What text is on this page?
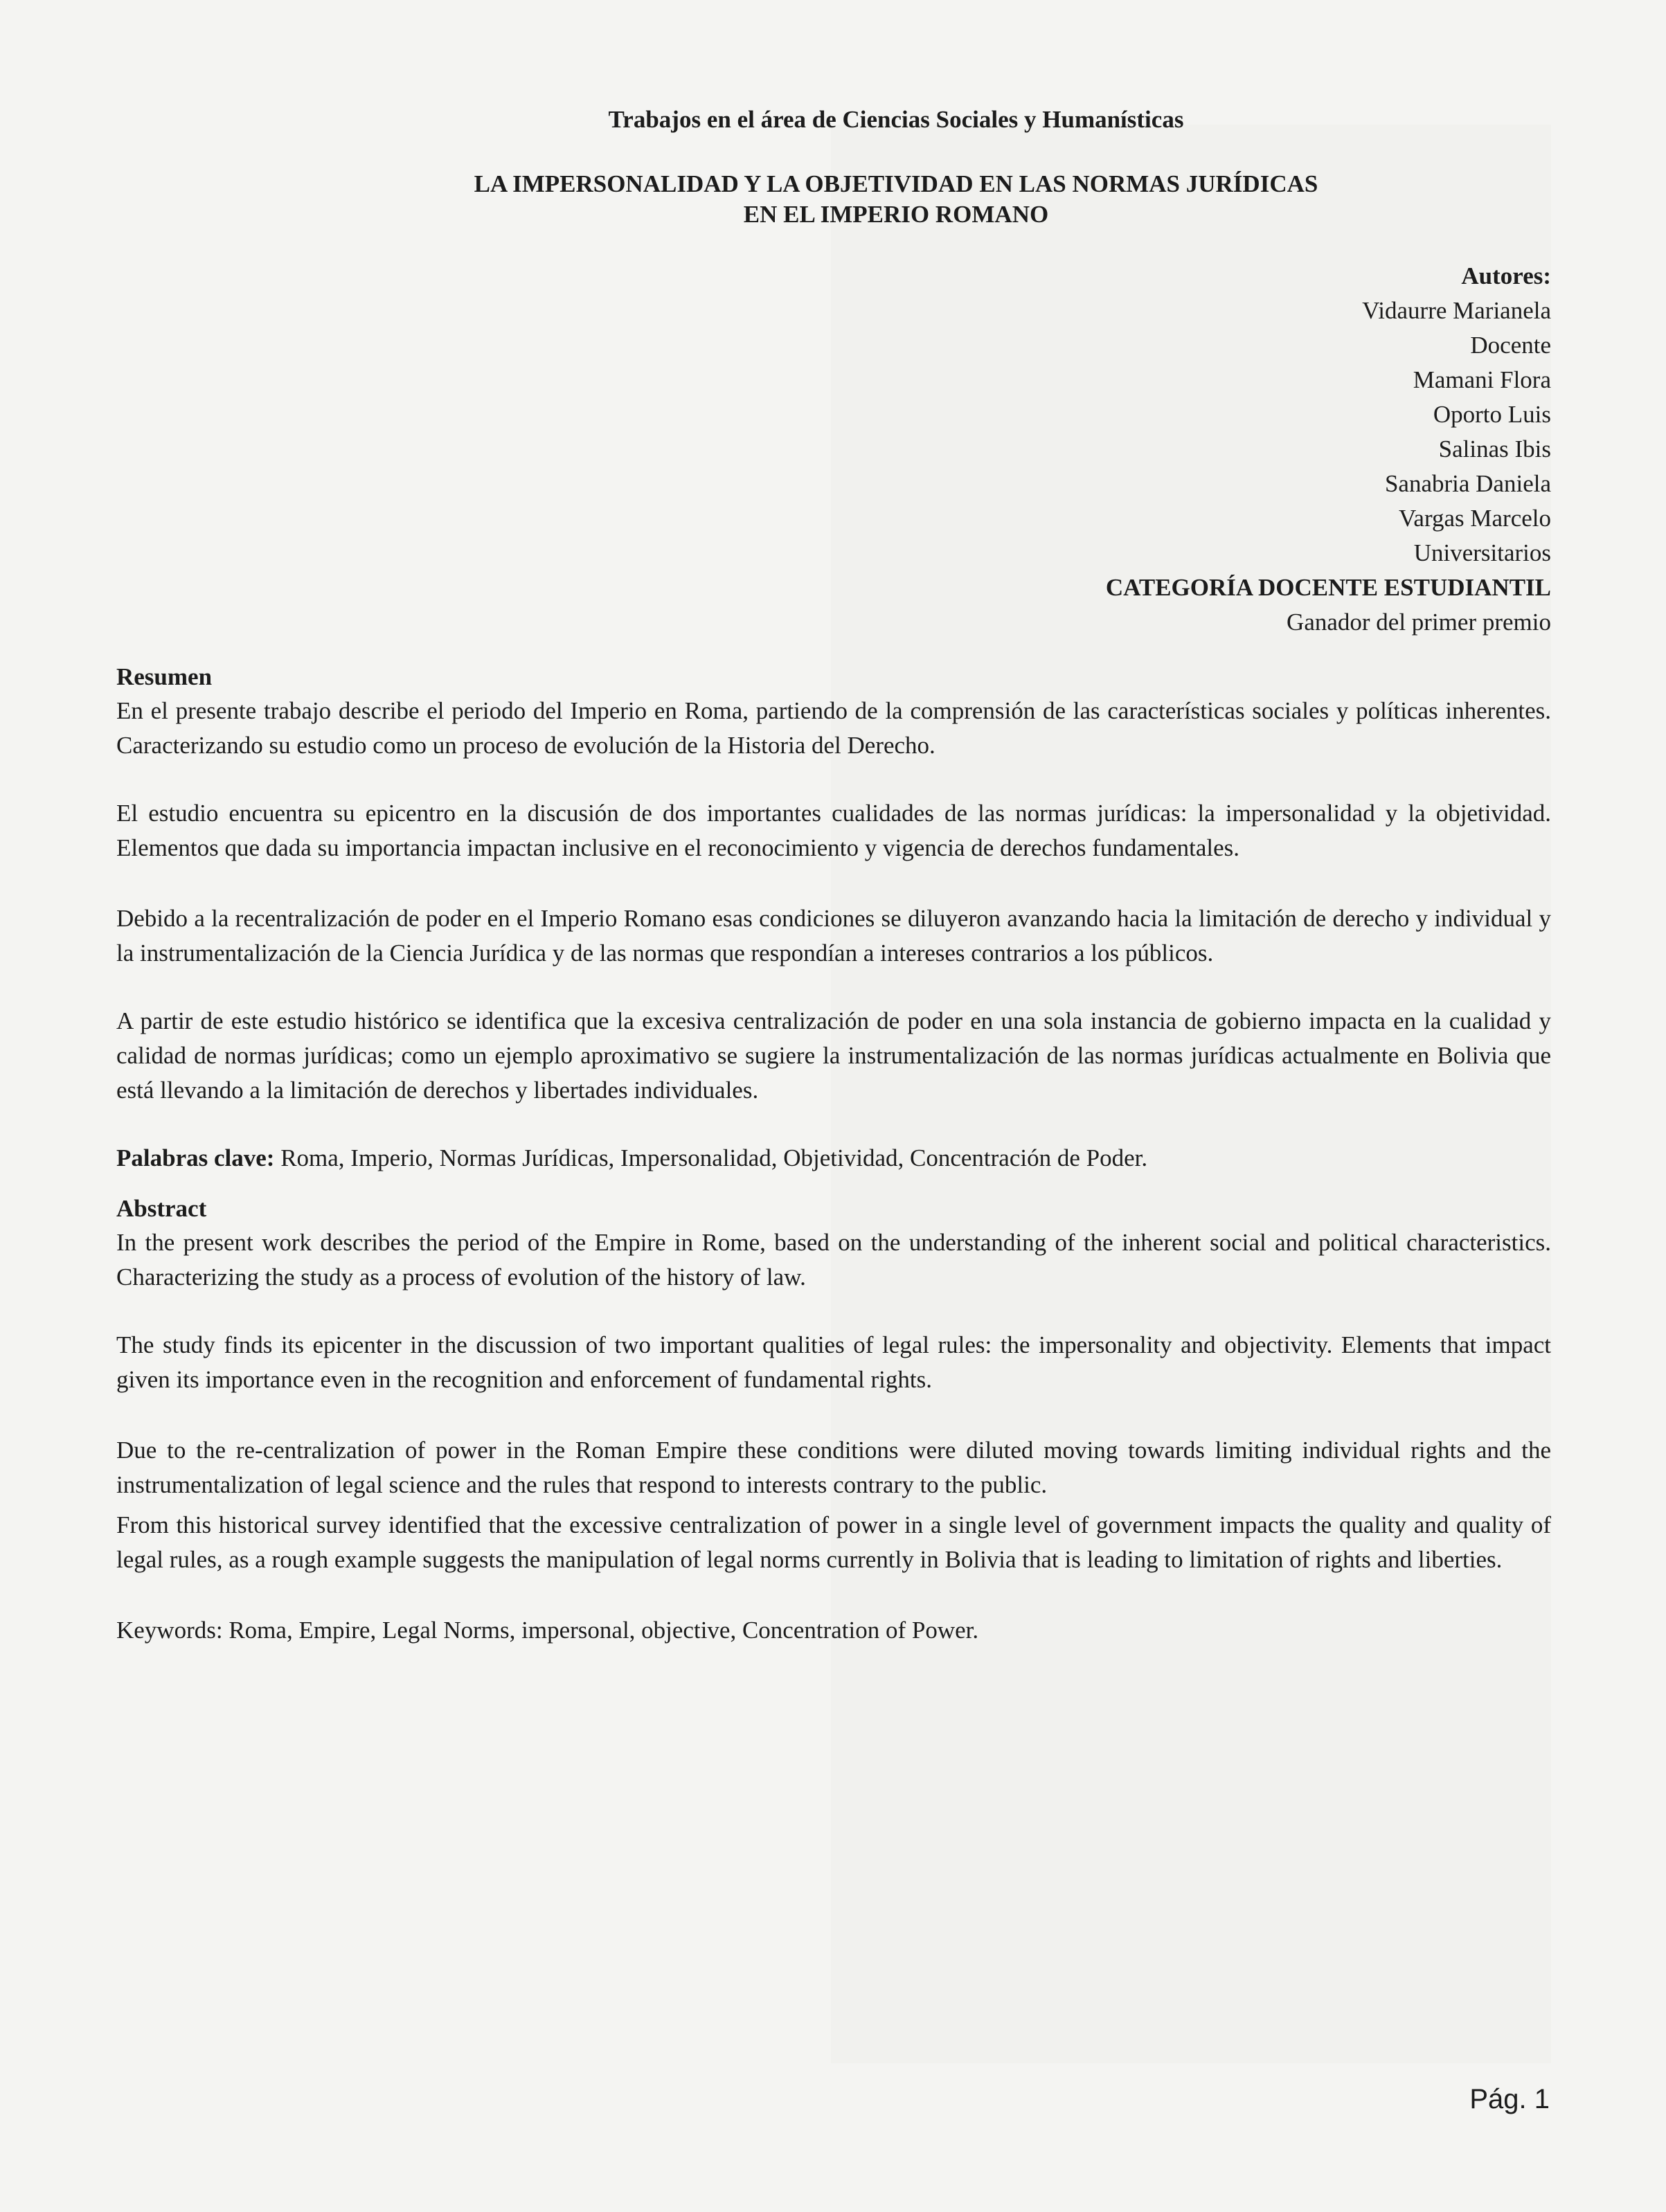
Trabajos en el área de Ciencias Sociales y Humanísticas
LA IMPERSONALIDAD Y LA OBJETIVIDAD EN LAS NORMAS JURÍDICAS
EN EL IMPERIO ROMANO
Autores:
Vidaurre Marianela
Docente
Mamani Flora
Oporto Luis
Salinas Ibis
Sanabria Daniela
Vargas Marcelo
Universitarios
CATEGORÍA DOCENTE ESTUDIANTIL
Ganador del primer premio
Resumen

En el presente trabajo describe el periodo del Imperio en Roma, partiendo de la comprensión de las características sociales y políticas inherentes. Caracterizando su estudio como un proceso de evolución de la Historia del Derecho.

El estudio encuentra su epicentro en la discusión de dos importantes cualidades de las normas jurídicas: la impersonalidad y la objetividad. Elementos que dada su importancia impactan inclusive en el reconocimiento y vigencia de derechos fundamentales.

Debido a la recentralización de poder en el Imperio Romano esas condiciones se diluyeron avanzando hacia la limitación de derecho y individual y la instrumentalización de la Ciencia Jurídica y de las normas que respondían a intereses contrarios a los públicos.

A partir de este estudio histórico se identifica que la excesiva centralización de poder en una sola instancia de gobierno impacta en la cualidad y calidad de normas jurídicas; como un ejemplo aproximativo se sugiere la instrumentalización de las normas jurídicas actualmente en Bolivia que está llevando a la limitación de derechos y libertades individuales.

Palabras clave: Roma, Imperio, Normas Jurídicas, Impersonalidad, Objetividad, Concentración de Poder.

Abstract

In the present work describes the period of the Empire in Rome, based on the understanding of the inherent social and political characteristics. Characterizing the study as a process of evolution of the history of law.

The study finds its epicenter in the discussion of two important qualities of legal rules: the impersonality and objectivity. Elements that impact given its importance even in the recognition and enforcement of fundamental rights.

Due to the re-centralization of power in the Roman Empire these conditions were diluted moving towards limiting individual rights and the instrumentalization of legal science and the rules that respond to interests contrary to the public.

From this historical survey identified that the excessive centralization of power in a single level of government impacts the quality and quality of legal rules, as a rough example suggests the manipulation of legal norms currently in Bolivia that is leading to limitation of rights and liberties.

Keywords: Roma, Empire, Legal Norms, impersonal, objective, Concentration of Power.

Pág. 1
